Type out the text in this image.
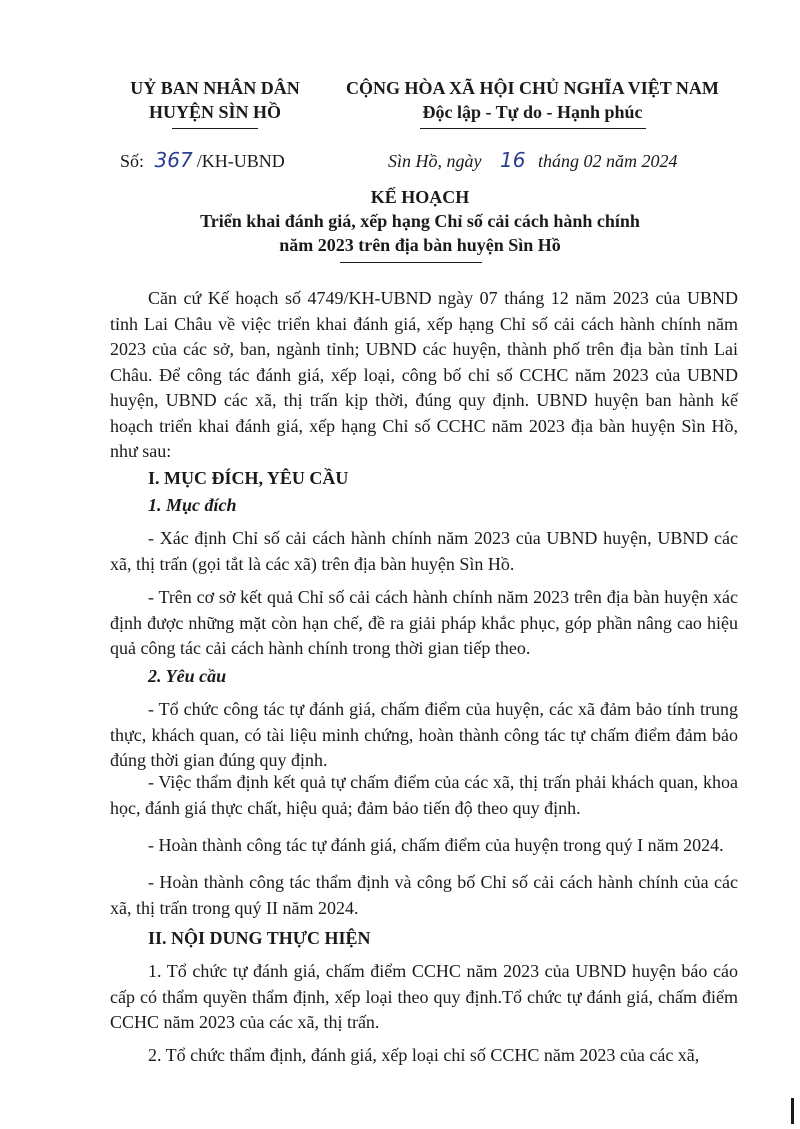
UỶ BAN NHÂN DÂN
HUYỆN SÌN HỒ
CỘNG HÒA XÃ HỘI CHỦ NGHĨA VIỆT NAM
Độc lập - Tự do - Hạnh phúc
Số: 367 /KH-UBND	Sìn Hồ, ngày 16 tháng 02 năm 2024
KẾ HOẠCH
Triển khai đánh giá, xếp hạng Chỉ số cải cách hành chính
năm 2023 trên địa bàn huyện Sìn Hồ
Căn cứ Kế hoạch số 4749/KH-UBND ngày 07 tháng 12 năm 2023 của UBND tỉnh Lai Châu về việc triển khai đánh giá, xếp hạng Chỉ số cải cách hành chính năm 2023 của các sở, ban, ngành tỉnh; UBND các huyện, thành phố trên địa bàn tỉnh Lai Châu. Để công tác đánh giá, xếp loại, công bố chỉ số CCHC năm 2023 của UBND huyện, UBND các xã, thị trấn kịp thời, đúng quy định. UBND huyện ban hành kế hoạch triển khai đánh giá, xếp hạng Chỉ số CCHC năm 2023 địa bàn huyện Sìn Hồ, như sau:
I. MỤC ĐÍCH, YÊU CẦU
1. Mục đích
- Xác định Chỉ số cải cách hành chính năm 2023 của UBND huyện, UBND các xã, thị trấn (gọi tắt là các xã) trên địa bàn huyện Sìn Hồ.
- Trên cơ sở kết quả Chỉ số cải cách hành chính năm 2023 trên địa bàn huyện xác định được những mặt còn hạn chế, đề ra giải pháp khắc phục, góp phần nâng cao hiệu quả công tác cải cách hành chính trong thời gian tiếp theo.
2. Yêu cầu
- Tổ chức công tác tự đánh giá, chấm điểm của huyện, các xã đảm bảo tính trung thực, khách quan, có tài liệu minh chứng, hoàn thành công tác tự chấm điểm đảm bảo đúng thời gian đúng quy định.
- Việc thẩm định kết quả tự chấm điểm của các xã, thị trấn phải khách quan, khoa học, đánh giá thực chất, hiệu quả; đảm bảo tiến độ theo quy định.
- Hoàn thành công tác tự đánh giá, chấm điểm của huyện trong quý I năm 2024.
- Hoàn thành công tác thẩm định và công bố Chỉ số cải cách hành chính của các xã, thị trấn trong quý II năm 2024.
II. NỘI DUNG THỰC HIỆN
1. Tổ chức tự đánh giá, chấm điểm CCHC năm 2023 của UBND huyện báo cáo cấp có thẩm quyền thẩm định, xếp loại theo quy định.Tổ chức tự đánh giá, chấm điểm CCHC năm 2023 của các xã, thị trấn.
2. Tổ chức thẩm định, đánh giá, xếp loại chỉ số CCHC năm 2023 của các xã,
